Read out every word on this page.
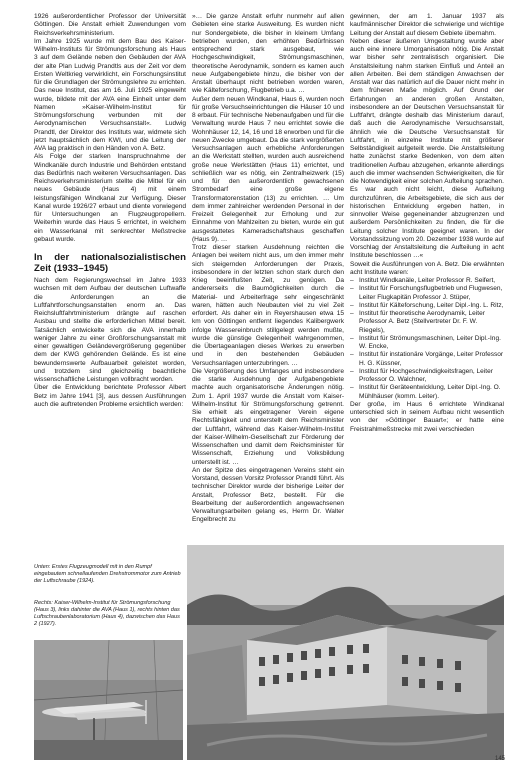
1926 außerordentlicher Professor der Universität Göttingen. Die Anstalt erhielt Zuwendungen vom Reichsverkehrsministerium.

Im Jahre 1925 wurde mit dem Bau des Kaiser-Wilhelm-Instituts für Strömungsforschung als Haus 3 auf dem Gelände neben den Gebäuden der AVA der alte Plan Ludwig Prandtls aus der Zeit vor dem Ersten Weltkrieg verwirklicht, ein Forschungsinstitut für die Grundlagen der Strömungslehre zu errichten. Das neue Institut, das am 16. Juli 1925 eingeweiht wurde, bildete mit der AVA eine Einheit unter dem Namen »Kaiser-Wilhelm-Institut für Strömungsforschung verbunden mit der Aerodynamischen Versuchsanstalt«. Ludwig Prandtl, der Direktor des Instituts war, widmete sich jetzt hauptsächlich dem KWI, und die Leitung der AVA lag praktisch in den Händen von A. Betz.

Als Folge der starken Inanspruchnahme der Windkanäle durch Industrie und Behörden entstand das Bedürfnis nach weiteren Versuchsanlagen. Das Reichsverkehrsministerium stellte die Mittel für ein neues Gebäude (Haus 4) mit einem leistungsfähigen Windkanal zur Verfügung. Dieser Kanal wurde 1926/27 erbaut und diente vorwiegend für Untersuchungen an Flugzeugpropellern. Weiterhin wurde das Haus 5 errichtet, in welchem ein Wasserkanal mit senkrechter Meßstrecke gebaut wurde.

In der nationalsozialistischen Zeit (1933–1945)

Nach dem Regierungswechsel im Jahre 1933 wuchsen mit dem Aufbau der deutschen Luftwaffe die Anforderungen an die Luftfahrtforschungsanstalten enorm an. Das Reichsluftfahrtministerium drängte auf raschen Ausbau und stellte die erforderlichen Mittel bereit. Tatsächlich entwickelte sich die AVA innerhalb weniger Jahre zu einer Großforschungsanstalt mit einer gewaltigen Geländevergrößerung gegenüber dem der KWG gehörenden Gelände. Es ist eine bewundernswerte Aufbauarbeit geleistet worden, und trotzdem sind gleichzeitig beachtliche wissenschaftliche Leistungen vollbracht worden.

Über die Entwicklung berichtete Professor Albert Betz im Jahre 1941 [3], aus dessen Ausführungen auch die auftretenden Probleme ersichtlich werden:

»… Die ganze Anstalt erfuhr nunmehr auf allen Gebieten eine starke Ausweitung. Es wurden nicht nur Sondergebiete, die bisher in kleinem Umfang betrieben wurden, den erhöhten Bedürfnissen entsprechend stark ausgebaut, wie Hochgeschwindigkeit, Strömungsmaschinen, theoretische Aerodynamik, sondern es kamen auch neue Aufgabengebiete hinzu, die bisher von der Anstalt überhaupt nicht betrieben worden waren, wie Kälteforschung, Flugbetrieb u.a. …

Außer dem neuen Windkanal, Haus 6, wurden noch für große Versuchseinrichtungen die Häuser 10 und 8 erbaut. Für technische Nebenaufgaben und für die Verwaltung wurde Haus 7 neu errichtet sowie die Wohnhäuser 12, 14, 16 und 18 erworben und für die neuen Zwecke umgebaut. Da die stark vergrößerten Versuchsanlagen auch erhebliche Anforderungen an die Werkstatt stellten, wurden auch ausreichend große neue Werkstätten (Haus 11) errichtet, und schließlich war es nötig, ein Zentralheizwerk (15) und für den außerordentlich gewachsenen Strombedarf eine große eigene Transformatorenstation (13) zu errichten. … Um dem immer zahlreicher werdenden Personal in der Freizeit Gelegenheit zur Erholung und zur Einnahme von Mahlzeiten zu bieten, wurde ein gut ausgestattetes Kameradschaftshaus geschaffen (Haus 9). …

Trotz dieser starken Ausdehnung reichten die Anlagen bei weitem nicht aus, um den immer mehr sich steigernden Anforderungen der Praxis, insbesondere in der letzten schon stark durch den Krieg beeinflußten Zeit, zu genügen. Da andererseits die Baumöglichkeiten durch die Material- und Arbeiterfrage sehr eingeschränkt waren, hätten auch Neubauten viel zu viel Zeit erfordert. Als daher ein in Reyershausen etwa 15 km von Göttingen entfernt liegendes Kalibergwerk infolge Wassereinbruch stillgelegt werden mußte, wurde die günstige Gelegenheit wahrgenommen, die Übertageanlagen dieses Werkes zu erwerben und in den bestehenden Gebäuden Versuchsanlagen unterzubringen. …

Die Vergrößerung des Umfanges und insbesondere die starke Ausdehnung der Aufgabengebiete machte auch organisatorische Änderungen nötig. Zum 1. April 1937 wurde die Anstalt vom Kaiser-Wilhelm-Institut für Strömungsforschung getrennt. Sie erhielt als eingetragener Verein eigene Rechtsfähigkeit und unterstellt dem Reichsminister der Luftfahrt, während das Kaiser-Wilhelm-Institut der Kaiser-Wilhelm-Gesellschaft zur Förderung der Wissenschaften und damit dem Reichsminister für Wissenschaft, Erziehung und Volksbildung unterstellt ist. …

An der Spitze des eingetragenen Vereins steht ein Vorstand, dessen Vorsitz Professor Prandtl führt. Als technischer Direktor wurde der bisherige Leiter der Anstalt, Professor Betz, bestellt. Für die Bearbeitung der außerordentlich angewachsenen Verwaltungsarbeiten gelang es, Herrn Dr. Walter Engelbrecht zu

gewinnen, der am 1. Januar 1937 als kaufmännischer Direktor die schwierige und wichtige Leitung der Anstalt auf diesem Gebiete übernahm.

Neben dieser äußeren Umgestaltung wurde aber auch eine innere Umorganisation nötig. Die Anstalt war bisher sehr zentralistisch organisiert. Die Anstaltsleitung nahm starken Einfluß und Anteil an allen Arbeiten. Bei dem ständigen Anwachsen der Anstalt war das natürlich auf die Dauer nicht mehr in dem früheren Maße möglich. Auf Grund der Erfahrungen an anderen großen Anstalten, insbesondere an der Deutschen Versuchsanstalt für Luftfahrt, drängte deshalb das Ministerium darauf, daß auch die Aerodynamische Versuchsanstalt, ähnlich wie die Deutsche Versuchsanstalt für Luftfahrt, in einzelne Institute mit größerer Selbständigkeit aufgeteilt werde. Die Anstaltsleitung hatte zunächst starke Bedenken, von dem alten traditionellen Aufbau abzugehen, erkannte allerdings auch die immer wachsenden Schwierigkeiten, die für die Notwendigkeit einer solchen Aufteilung sprachen. Es war auch nicht leicht, diese Aufteilung durchzuführen, die Arbeitsgebiete, die sich aus der historischen Entwicklung ergeben hatten, in sinnvoller Weise gegeneinander abzugrenzen und außerdem Persönlichkeiten zu finden, die für die Leitung solcher Institute geeignet waren. In der Vorstandssitzung vom 20. Dezember 1938 wurde auf Vorschlag der Anstaltsleitung die Aufteilung in acht Institute beschlossen …«

Soweit die Ausführungen von A. Betz. Die erwähnten acht Institute waren:

– Institut Windkanäle, Leiter Professor R. Seifert,
– Institut für Forschungsflugbetrieb und Flugwesen, Leiter Flugkapitän Professor J. Stüper,
– Institut für Kälteforschung, Leiter Dipl.-Ing. L. Ritz,
– Institut für theoretische Aerodynamik, Leiter Professor A. Betz (Stellvertreter Dr. F. W. Riegels),
– Institut für Strömungsmaschinen, Leiter Dipl.-Ing. W. Encke,
– Institut für instationäre Vorgänge, Leiter Professor H. G. Küssner,
– Institut für Hochgeschwindigkeitsfragen, Leiter Professor O. Walchner,
– Institut für Geräteentwicklung, Leiter Dipl.-Ing. O. Mühlhäuser (komm. Leiter).

Der große, im Haus 6 errichtete Windkanal unterschied sich in seinem Aufbau nicht wesentlich von der »Göttinger Bauart«; er hatte eine Freistrahlmeßstrecke mit zwei verschieden

Unten: Erstes Flugzeugmodell mit in den Rumpf eingebautem schnellaufenden Drehstrommotor zum Antrieb der Luftschraube (1924).
Rechts: Kaiser-Wilhelm-Institut für Strömungsforschung (Haus 3), links dahinter die AVA (Haus 1), rechts hinten das Luftschraubenlaboratorium (Haus 4), dazwischen das Haus 2 (1927).
145
